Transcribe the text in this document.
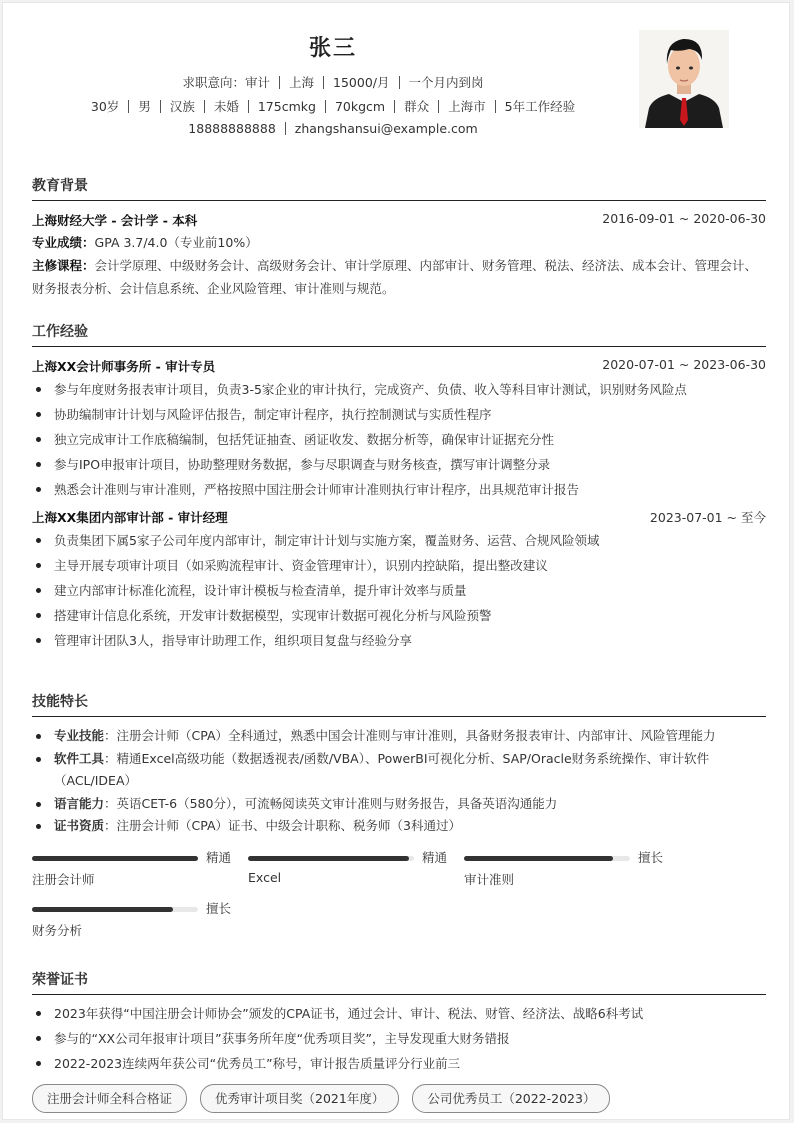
张三
求职意向：审计 上海 15000/月 一个月内到岗
30岁 男 汉族 未婚 175cmkg 70kgcm 群众 上海市 5年工作经验
18888888888 zhangshansui@example.com
教育背景
上海财经大学 - 会计学 - 本科	2016-09-01 ~ 2020-06-30
专业成绩：GPA 3.7/4.0（专业前10%）
主修课程：会计学原理、中级财务会计、高级财务会计、审计学原理、内部审计、财务管理、税法、经济法、成本会计、管理会计、财务报表分析、会计信息系统、企业风险管理、审计准则与规范。
工作经验
上海XX会计师事务所 - 审计专员	2020-07-01 ~ 2023-06-30
参与年度财务报表审计项目，负责3-5家企业的审计执行，完成资产、负债、收入等科目审计测试，识别财务风险点
协助编制审计计划与风险评估报告，制定审计程序，执行控制测试与实质性程序
独立完成审计工作底稿编制，包括凭证抽查、函证收发、数据分析等，确保审计证据充分性
参与IPO申报审计项目，协助整理财务数据，参与尽职调查与财务核查，撰写审计调整分录
熟悉会计准则与审计准则，严格按照中国注册会计师审计准则执行审计程序，出具规范审计报告
上海XX集团内部审计部 - 审计经理	2023-07-01 ~ 至今
负责集团下属5家子公司年度内部审计，制定审计计划与实施方案，覆盖财务、运营、合规风险领域
主导开展专项审计项目（如采购流程审计、资金管理审计），识别内控缺陷，提出整改建议
建立内部审计标准化流程，设计审计模板与检查清单，提升审计效率与质量
搭建审计信息化系统，开发审计数据模型，实现审计数据可视化分析与风险预警
管理审计团队3人，指导审计助理工作，组织项目复盘与经验分享
技能特长
专业技能：注册会计师（CPA）全科通过，熟悉中国会计准则与审计准则，具备财务报表审计、内部审计、风险管理能力
软件工具：精通Excel高级功能（数据透视表/函数/VBA）、PowerBI可视化分析、SAP/Oracle财务系统操作、审计软件（ACL/IDEA）
语言能力：英语CET-6（580分），可流畅阅读英文审计准则与财务报告，具备英语沟通能力
证书资质：注册会计师（CPA）证书、中级会计职称、税务师（3科通过）
精通
注册会计师
精通
Excel
擅长
审计准则
擅长
财务分析
荣誉证书
2023年获得“中国注册会计师协会”颁发的CPA证书，通过会计、审计、税法、财管、经济法、战略6科考试
参与的“XX公司年报审计项目”获事务所年度“优秀项目奖”，主导发现重大财务错报
2022-2023连续两年获公司“优秀员工”称号，审计报告质量评分行业前三
注册会计师全科合格证	优秀审计项目奖（2021年度）	公司优秀员工（2022-2023）
